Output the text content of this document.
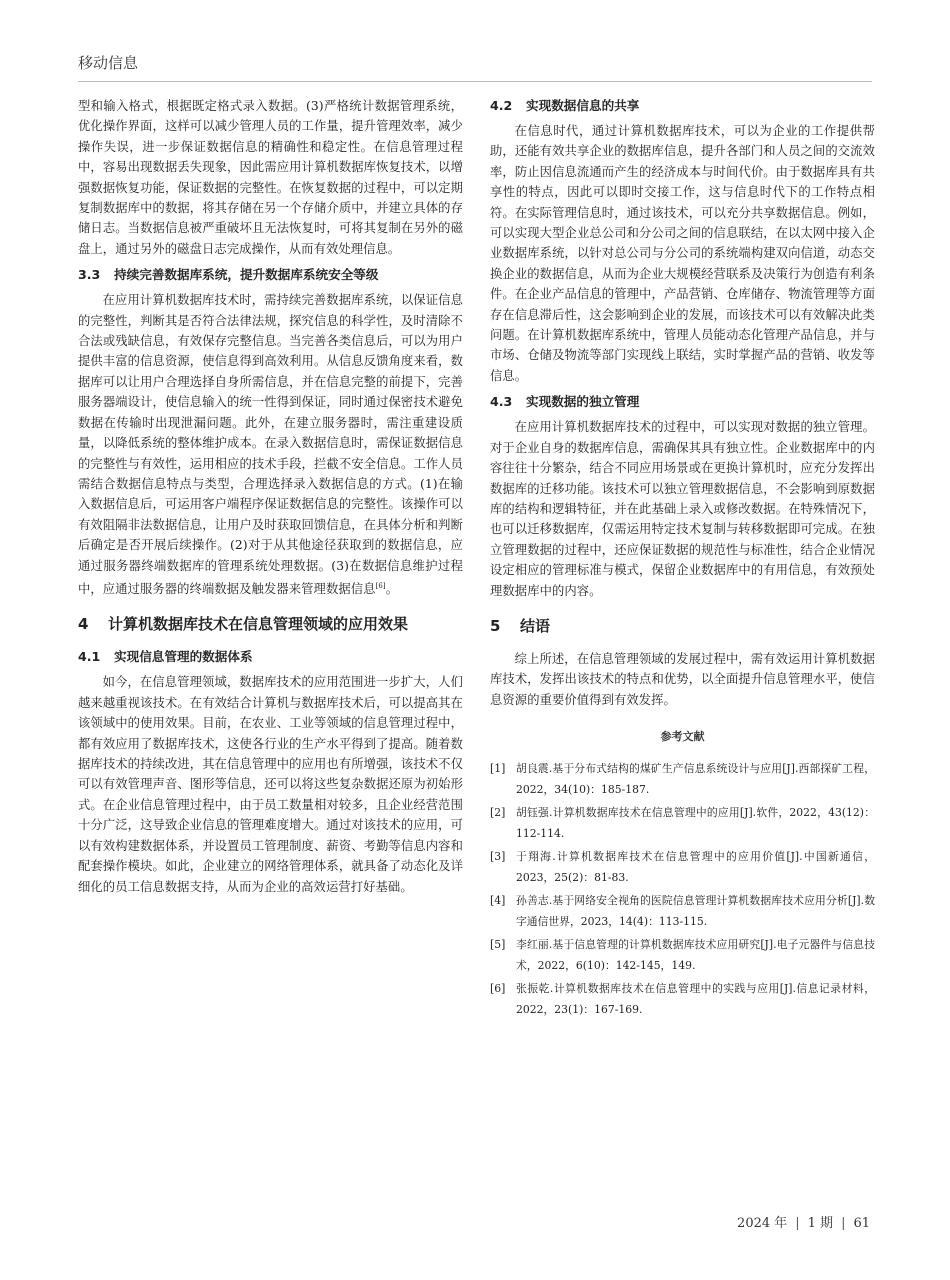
移动信息

型和输入格式，根据既定格式录入数据。(3)严格统计数据管理系统，优化操作界面，这样可以减少管理人员的工作量，提升管理效率，减少操作失误，进一步保证数据信息的精确性和稳定性。在信息管理过程中，容易出现数据丢失现象，因此需应用计算机数据库恢复技术，以增强数据恢复功能，保证数据的完整性。在恢复数据的过程中，可以定期复制数据库中的数据，将其存储在另一个存储介质中，并建立具体的存储日志。当数据信息被严重破坏且无法恢复时，可将其复制在另外的磁盘上，通过另外的磁盘日志完成操作，从而有效处理信息。

3.3	持续完善数据库系统，提升数据库系统安全等级

在应用计算机数据库技术时，需持续完善数据库系统，以保证信息的完整性，判断其是否符合法律法规，探究信息的科学性，及时清除不合法或残缺信息，有效保存完整信息。当完善各类信息后，可以为用户提供丰富的信息资源，使信息得到高效利用。从信息反馈角度来看，数据库可以让用户合理选择自身所需信息，并在信息完整的前提下，完善服务器端设计，使信息输入的统一性得到保证，同时通过保密技术避免数据在传输时出现泄漏问题。此外，在建立服务器时，需注重建设质量，以降低系统的整体维护成本。在录入数据信息时，需保证数据信息的完整性与有效性，运用相应的技术手段，拦截不安全信息。工作人员需结合数据信息特点与类型，合理选择录入数据信息的方式。(1)在输入数据信息后，可运用客户端程序保证数据信息的完整性。该操作可以有效阻隔非法数据信息，让用户及时获取回馈信息，在具体分析和判断后确定是否开展后续操作。(2)对于从其他途径获取到的数据信息，应通过服务器终端数据库的管理系统处理数据。(3)在数据信息维护过程中，应通过服务器的终端数据及触发器来管理数据信息[6]。

4	计算机数据库技术在信息管理领域的应用效果
4.1	实现信息管理的数据体系

如今，在信息管理领域，数据库技术的应用范围进一步扩大，人们越来越重视该技术。在有效结合计算机与数据库技术后，可以提高其在该领域中的使用效果。目前，在农业、工业等领域的信息管理过程中，都有效应用了数据库技术，这使各行业的生产水平得到了提高。随着数据库技术的持续改进，其在信息管理中的应用也有所增强，该技术不仅可以有效管理声音、图形等信息，还可以将这些复杂数据还原为初始形式。在企业信息管理过程中，由于员工数量相对较多，且企业经营范围十分广泛，这导致企业信息的管理难度增大。通过对该技术的应用，可以有效构建数据体系，并设置员工管理制度、薪资、考勤等信息内容和配套操作模块。如此，企业建立的网络管理体系，就具备了动态化及详细化的员工信息数据支持，从而为企业的高效运营打好基础。

4.2	实现数据信息的共享

在信息时代，通过计算机数据库技术，可以为企业的工作提供帮助，还能有效共享企业的数据库信息，提升各部门和人员之间的交流效率，防止因信息流通而产生的经济成本与时间代价。由于数据库具有共享性的特点，因此可以即时交接工作，这与信息时代下的工作特点相符。在实际管理信息时，通过该技术，可以充分共享数据信息。例如，可以实现大型企业总公司和分公司之间的信息联结，在以太网中接入企业数据库系统，以针对总公司与分公司的系统端构建双向信道，动态交换企业的数据信息，从而为企业大规模经营联系及决策行为创造有利条件。在企业产品信息的管理中，产品营销、仓库储存、物流管理等方面存在信息滞后性，这会影响到企业的发展，而该技术可以有效解决此类问题。在计算机数据库系统中，管理人员能动态化管理产品信息，并与市场、仓储及物流等部门实现线上联结，实时掌握产品的营销、收发等信息。

4.3	实现数据的独立管理

在应用计算机数据库技术的过程中，可以实现对数据的独立管理。对于企业自身的数据库信息，需确保其具有独立性。企业数据库中的内容往往十分繁杂，结合不同应用场景或在更换计算机时，应充分发挥出数据库的迁移功能。该技术可以独立管理数据信息，不会影响到原数据库的结构和逻辑特征，并在此基础上录入或修改数据。在特殊情况下，也可以迁移数据库，仅需运用特定技术复制与转移数据即可完成。在独立管理数据的过程中，还应保证数据的规范性与标准性，结合企业情况设定相应的管理标准与模式，保留企业数据库中的有用信息，有效预处理数据库中的内容。

5	结语

综上所述，在信息管理领域的发展过程中，需有效运用计算机数据库技术，发挥出该技术的特点和优势，以全面提升信息管理水平，使信息资源的重要价值得到有效发挥。

参考文献
[1] 胡良震.基于分布式结构的煤矿生产信息系统设计与应用[J].西部探矿工程，2022，34(10)：185-187.
[2] 胡钰强.计算机数据库技术在信息管理中的应用[J].软件，2022，43(12)：112-114.
[3] 于翔海.计算机数据库技术在信息管理中的应用价值[J].中国新通信，2023，25(2)：81-83.
[4] 孙善志.基于网络安全视角的医院信息管理计算机数据库技术应用分析[J].数字通信世界，2023，14(4)：113-115.
[5] 李红丽.基于信息管理的计算机数据库技术应用研究[J].电子元器件与信息技术，2022，6(10)：142-145，149.
[6] 张振乾.计算机数据库技术在信息管理中的实践与应用[J].信息记录材料，2022，23(1)：167-169.
2024 年 | 1 期 | 61
